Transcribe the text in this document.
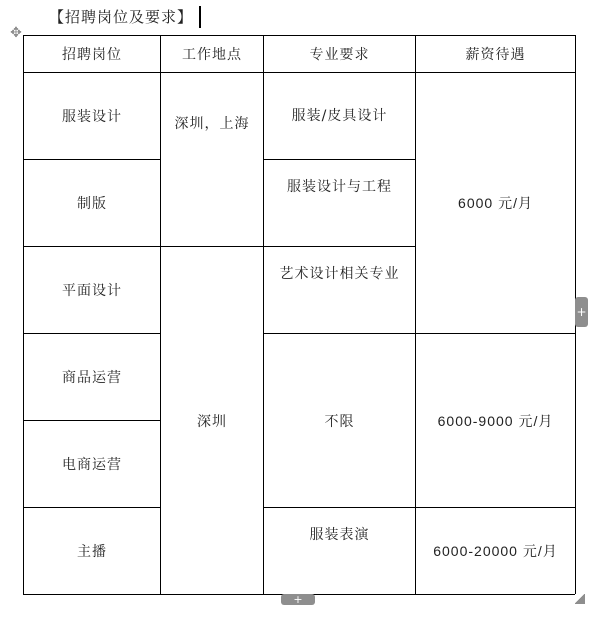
【招聘岗位及要求】
✥
招聘岗位	工作地点	专业要求	薪资待遇
服装设计	深圳，上海	服装/皮具设计	6000 元/月
制版		服装设计与工程	

平面设计	深圳	艺术设计相关专业	

商品运营		不限	6000-9000 元/月
电商运营			
主播		服装表演	6000-20000 元/月
+
+
